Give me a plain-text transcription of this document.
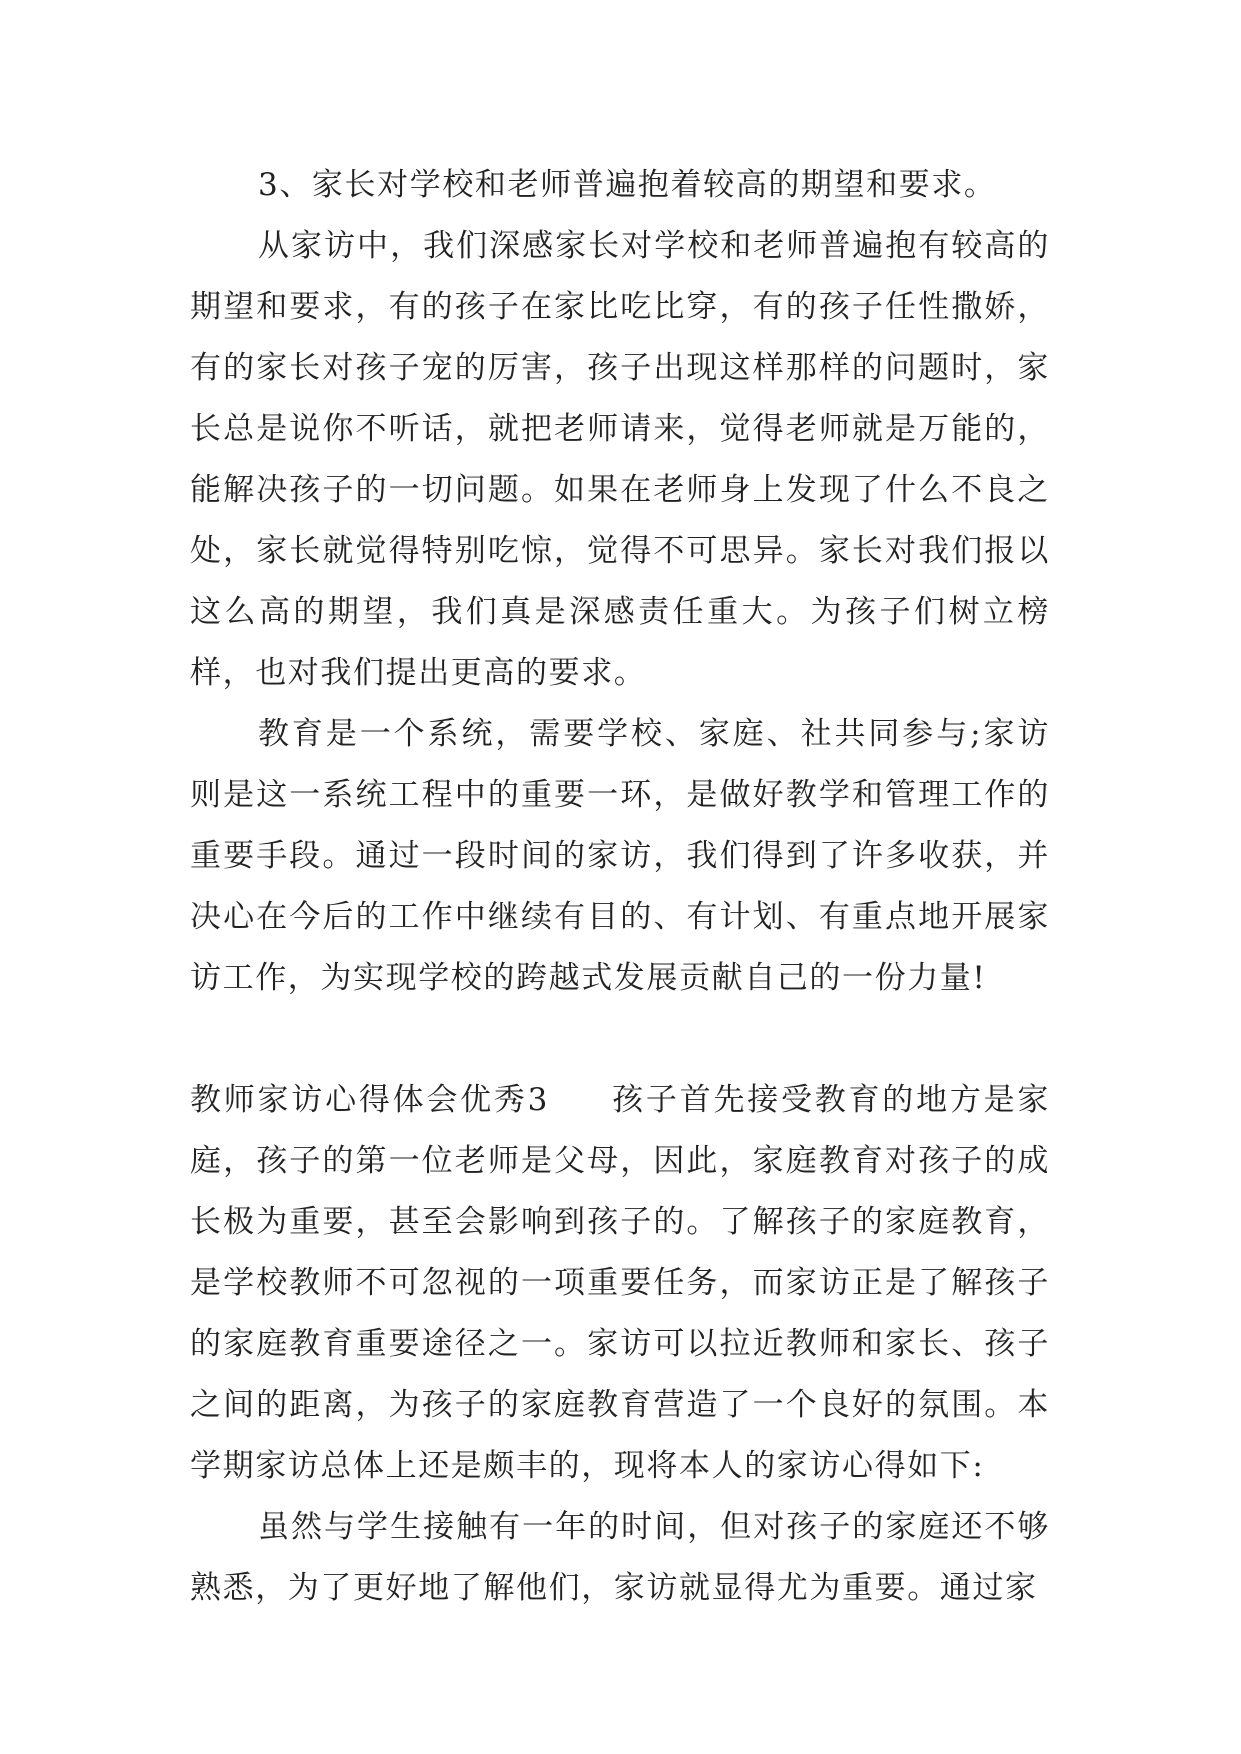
3、家长对学校和老师普遍抱着较高的期望和要求。

从家访中，我们深感家长对学校和老师普遍抱有较高的期望和要求，有的孩子在家比吃比穿，有的孩子任性撒娇，有的家长对孩子宠的厉害，孩子出现这样那样的问题时，家长总是说你不听话，就把老师请来，觉得老师就是万能的，能解决孩子的一切问题。如果在老师身上发现了什么不良之处，家长就觉得特别吃惊，觉得不可思异。家长对我们报以这么高的期望，我们真是深感责任重大。为孩子们树立榜样，也对我们提出更高的要求。

教育是一个系统，需要学校、家庭、社共同参与;家访则是这一系统工程中的重要一环，是做好教学和管理工作的重要手段。通过一段时间的家访，我们得到了许多收获，并决心在今后的工作中继续有目的、有计划、有重点地开展家访工作，为实现学校的跨越式发展贡献自己的一份力量!

教师家访心得体会优秀3 孩子首先接受教育的地方是家庭，孩子的第一位老师是父母，因此，家庭教育对孩子的成长极为重要，甚至会影响到孩子的。了解孩子的家庭教育，是学校教师不可忽视的一项重要任务，而家访正是了解孩子的家庭教育重要途径之一。家访可以拉近教师和家长、孩子之间的距离，为孩子的家庭教育营造了一个良好的氛围。本学期家访总体上还是颇丰的，现将本人的家访心得如下:

虽然与学生接触有一年的时间，但对孩子的家庭还不够熟悉，为了更好地了解他们，家访就显得尤为重要。通过家
